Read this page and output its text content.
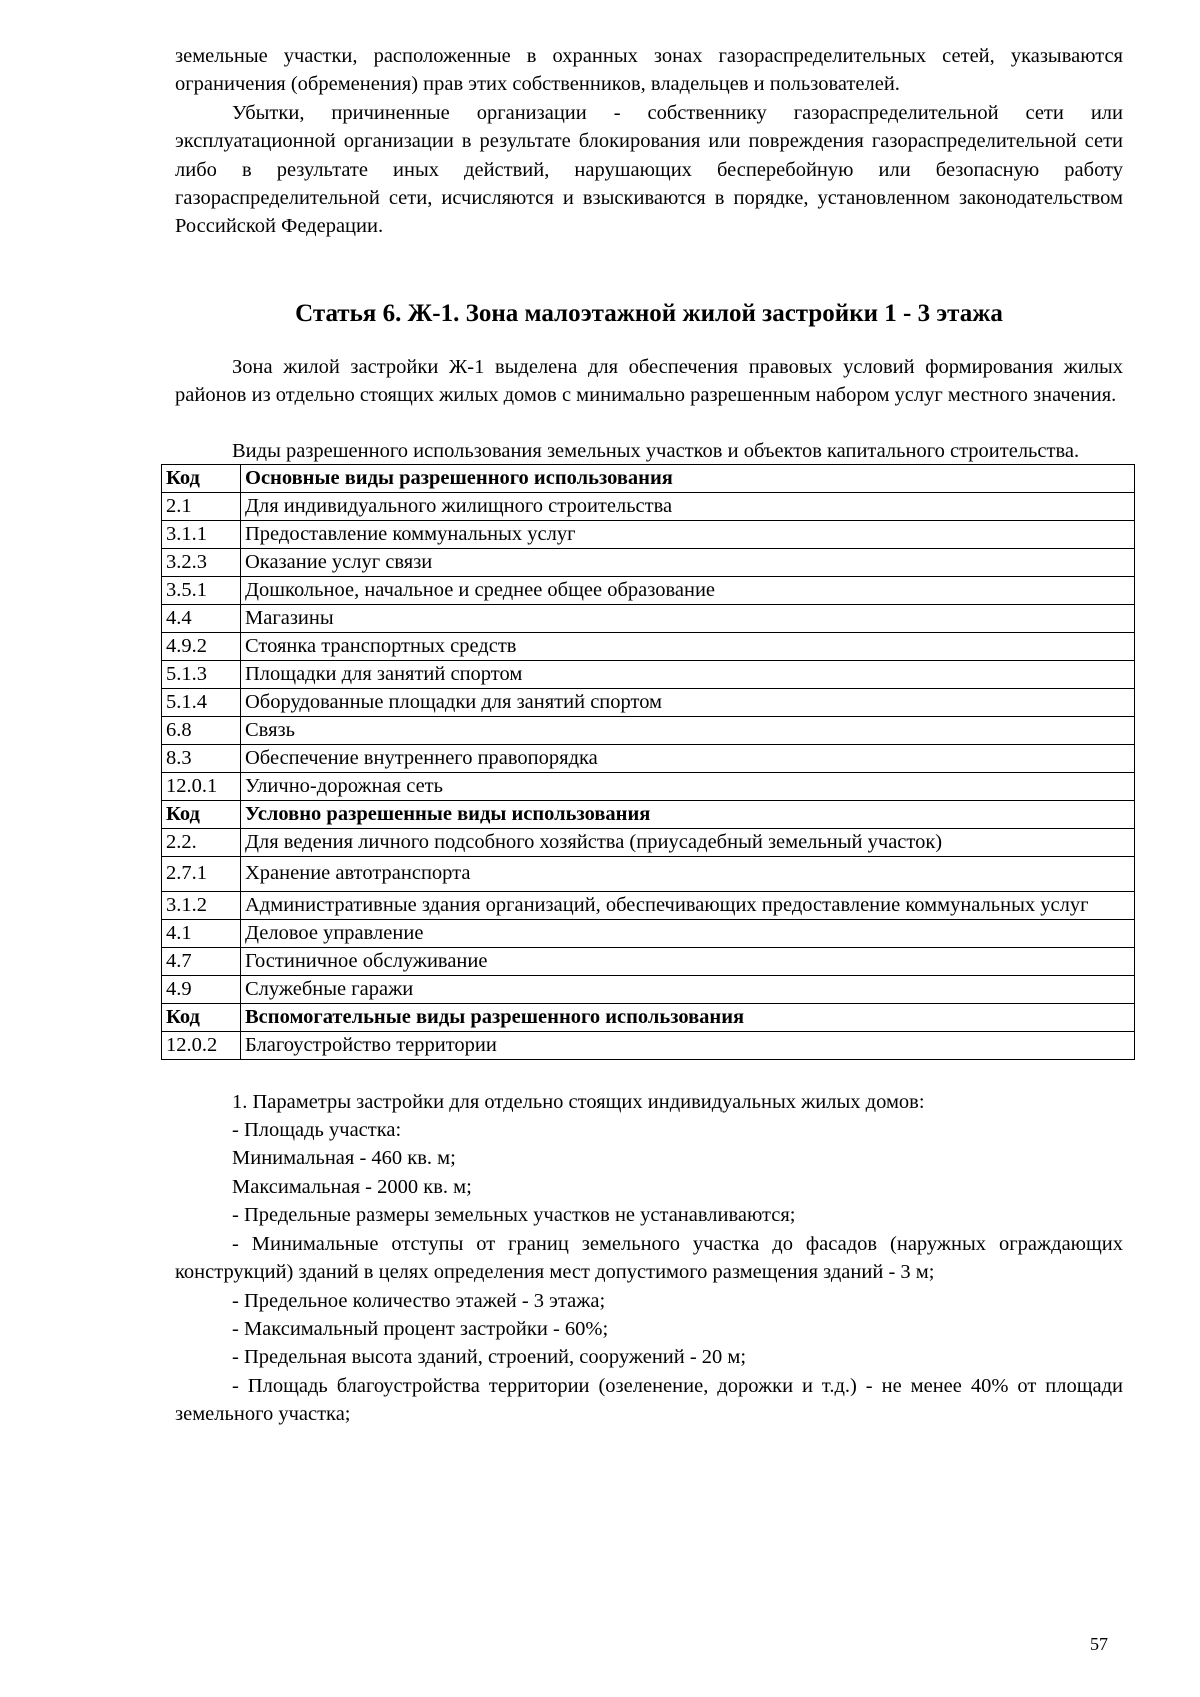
земельные участки, расположенные в охранных зонах газораспределительных сетей, указываются ограничения (обременения) прав этих собственников, владельцев и пользователей.

Убытки, причиненные организации - собственнику газораспределительной сети или эксплуатационной организации в результате блокирования или повреждения газораспределительной сети либо в результате иных действий, нарушающих бесперебойную или безопасную работу газораспределительной сети, исчисляются и взыскиваются в порядке, установленном законодательством Российской Федерации.

Статья 6. Ж-1. Зона малоэтажной жилой застройки 1 - 3 этажа

Зона жилой застройки Ж-1 выделена для обеспечения правовых условий формирования жилых районов из отдельно стоящих жилых домов с минимально разрешенным набором услуг местного значения.

Виды разрешенного использования земельных участков и объектов капитального строительства.

Код	Основные виды разрешенного использования
2.1	Для индивидуального жилищного строительства
3.1.1	Предоставление коммунальных услуг
3.2.3	Оказание услуг связи
3.5.1	Дошкольное, начальное и среднее общее образование
4.4	Магазины
4.9.2	Стоянка транспортных средств
5.1.3	Площадки для занятий спортом
5.1.4	Оборудованные площадки для занятий спортом
6.8	Связь
8.3	Обеспечение внутреннего правопорядка
12.0.1	Улично-дорожная сеть
Код	Условно разрешенные виды использования
2.2.	Для ведения личного подсобного хозяйства (приусадебный земельный участок)
2.7.1	Хранение автотранспорта
3.1.2	Административные здания организаций, обеспечивающих предоставление коммунальных услуг
4.1	Деловое управление
4.7	Гостиничное обслуживание
4.9	Служебные гаражи
Код	Вспомогательные виды разрешенного использования
12.0.2	Благоустройство территории

1. Параметры застройки для отдельно стоящих индивидуальных жилых домов:

- Площадь участка:

Минимальная - 460 кв. м;

Максимальная - 2000 кв. м;

- Предельные размеры земельных участков не устанавливаются;

- Минимальные отступы от границ земельного участка до фасадов (наружных ограждающих конструкций) зданий в целях определения мест допустимого размещения зданий - 3 м;

- Предельное количество этажей - 3 этажа;

- Максимальный процент застройки - 60%;

- Предельная высота зданий, строений, сооружений - 20 м;

- Площадь благоустройства территории (озеленение, дорожки и т.д.) - не менее 40% от площади земельного участка;

57
